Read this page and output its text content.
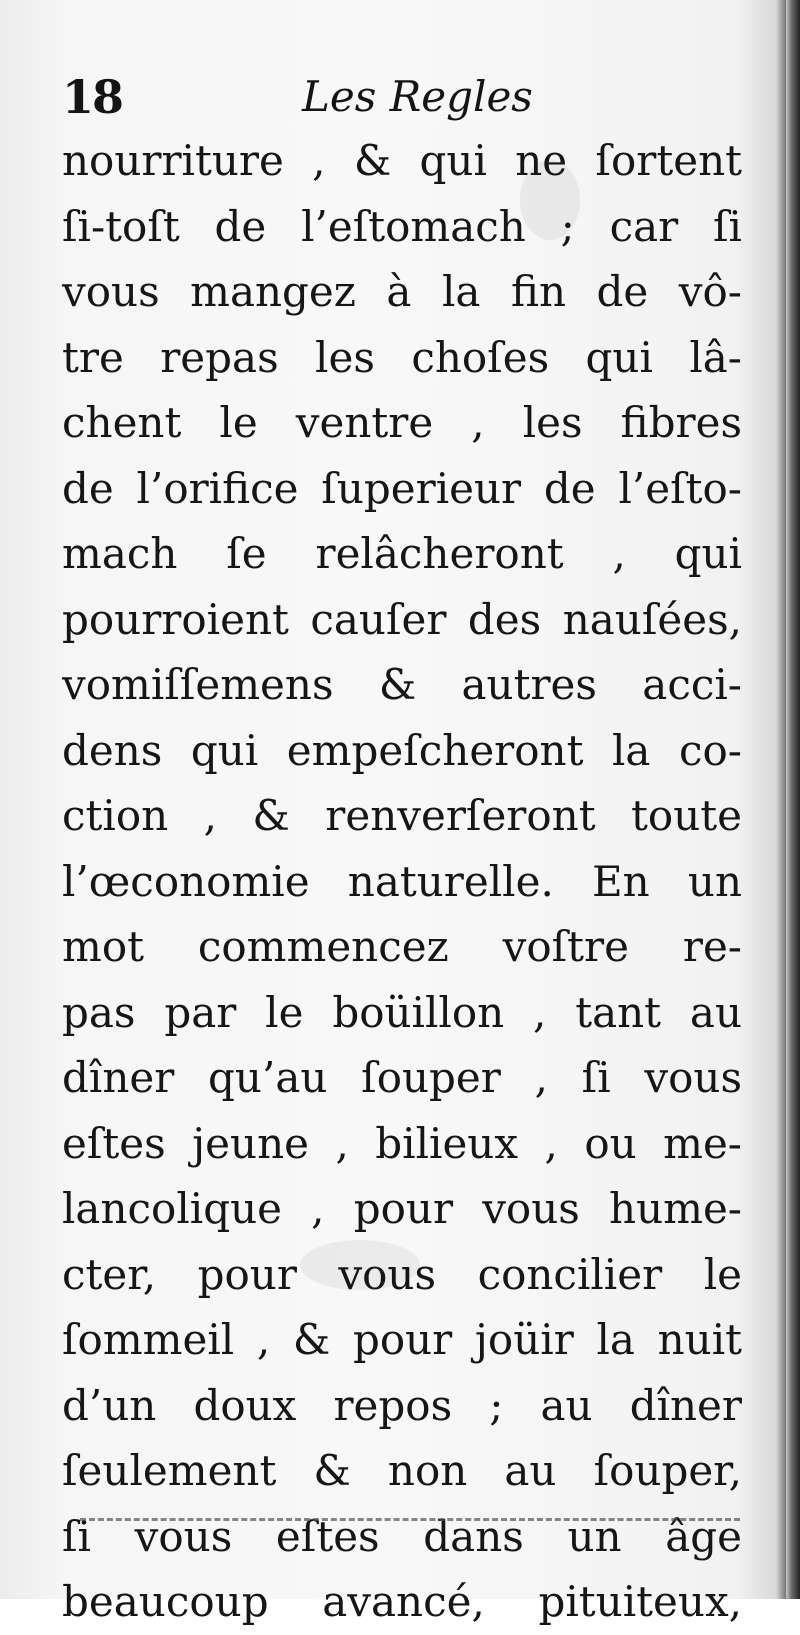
18	Les Regles
nourriture , & qui ne ſortent
ſi-toſt de l’eſtomach ; car ſi
vous mangez à la fin de vô-
tre repas les choſes qui lâ-
chent le ventre , les fibres
de l’orifice ſuperieur de l’eſto-
mach ſe relâcheront , qui
pourroient cauſer des nauſées,
vomiſſemens & autres acci-
dens qui empeſcheront la co-
ction , & renverſeront toute
l’œconomie naturelle. En un
mot commencez voſtre re-
pas par le boüillon , tant au
dîner qu’au ſouper , ſi vous
eſtes jeune , bilieux , ou me-
lancolique , pour vous hume-
cter, pour vous concilier le
ſommeil , & pour joüir la nuit
d’un doux repos ; au dîner
ſeulement & non au ſouper,
ſi vous eſtes dans un âge
beaucoup avancé, pituiteux,
